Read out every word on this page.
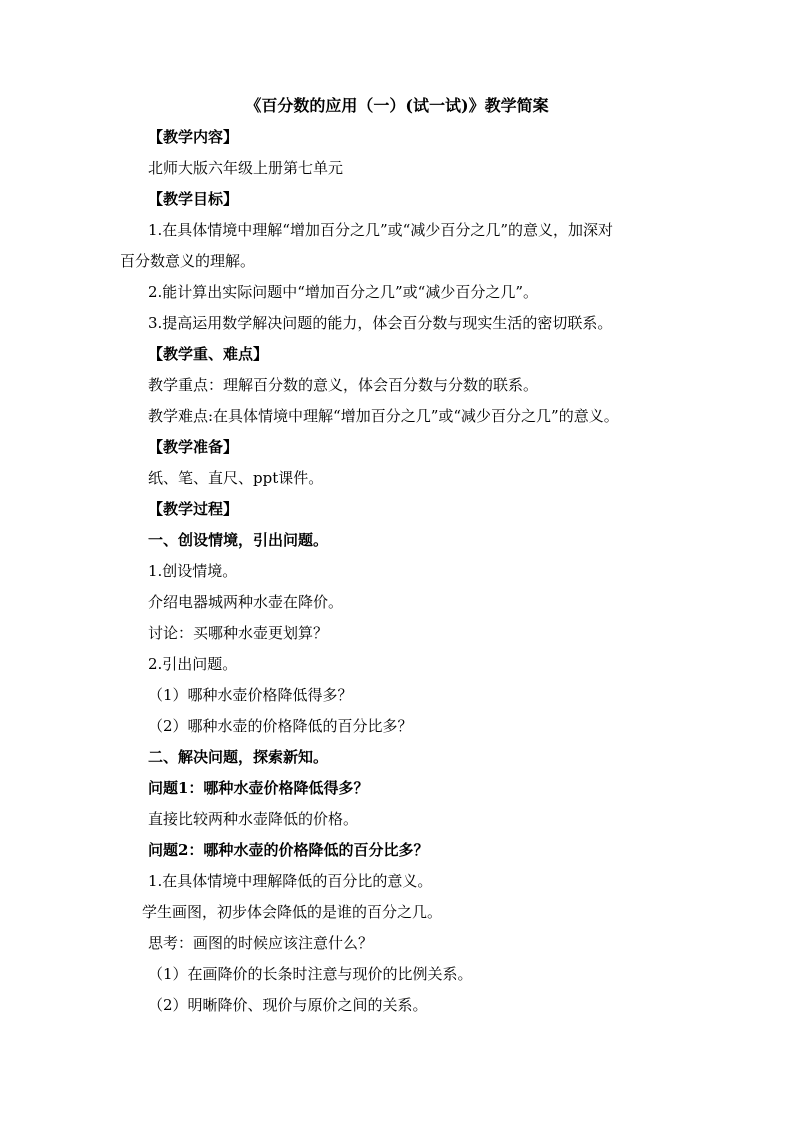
《百分数的应用（一）(试一试)》教学简案
【教学内容】
北师大版六年级上册第七单元
【教学目标】
1.在具体情境中理解“增加百分之几”或“减少百分之几”的意义，加深对
百分数意义的理解。
2.能计算出实际问题中“增加百分之几”或“减少百分之几”。
3.提高运用数学解决问题的能力，体会百分数与现实生活的密切联系。
【教学重、难点】
教学重点：理解百分数的意义，体会百分数与分数的联系。
教学难点:在具体情境中理解“增加百分之几”或“减少百分之几”的意义。
【教学准备】
纸、笔、直尺、ppt课件。
【教学过程】
一、创设情境，引出问题。
1.创设情境。
介绍电器城两种水壶在降价。
讨论：买哪种水壶更划算？
2.引出问题。
（1）哪种水壶价格降低得多？
（2）哪种水壶的价格降低的百分比多？
二、解决问题，探索新知。
问题1：哪种水壶价格降低得多？
直接比较两种水壶降低的价格。
问题2：哪种水壶的价格降低的百分比多？
1.在具体情境中理解降低的百分比的意义。
学生画图，初步体会降低的是谁的百分之几。
思考：画图的时候应该注意什么？
（1）在画降价的长条时注意与现价的比例关系。
（2）明晰降价、现价与原价之间的关系。
